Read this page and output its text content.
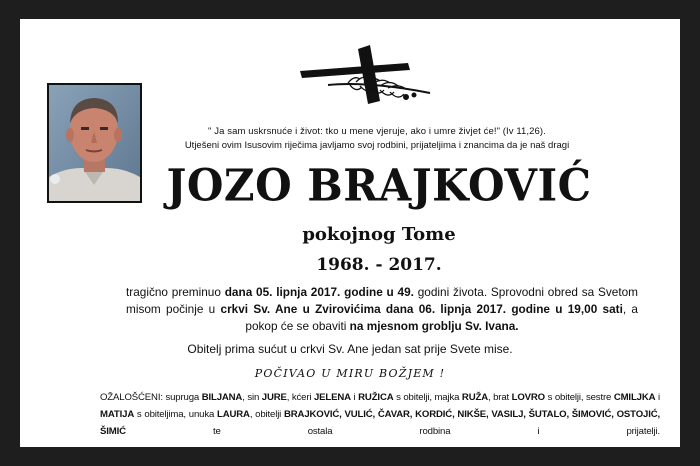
" Ja sam uskrsnuće i život: tko u mene vjeruje, ako i umre živjet će!" (Iv 11,26).
Utješeni ovim Isusovim riječima javljamo svoj rodbini, prijateljima i znancima da je naš dragi
JOZO BRAJKOVIĆ
pokojnog Tome
1968. - 2017.
tragično preminuo dana 05. lipnja 2017. godine u 49. godini života. Sprovodni obred sa Svetom misom počinje u crkvi Sv. Ane u Zvirovićima dana 06. lipnja 2017. godine u 19,00 sati, a pokop će se obaviti na mjesnom groblju Sv. Ivana.
Obitelj prima sućut u crkvi Sv. Ane jedan sat prije Svete mise.
POČIVAO U MIRU BOŽJEM !
OŽALOŠĆENI: supruga BILJANA, sin JURE, kćeri JELENA i RUŽICA s obitelji, majka RUŽA, brat LOVRO s obitelji, sestre CMILJKA i MATIJA s obiteljima, unuka LAURA, obitelji BRAJKOVIĆ, VULIĆ, ČAVAR, KORDIĆ, NIKŠE, VASILJ, ŠUTALO, ŠIMOVIĆ, OSTOJIĆ, ŠIMIĆ te ostala rodbina i prijatelji.
